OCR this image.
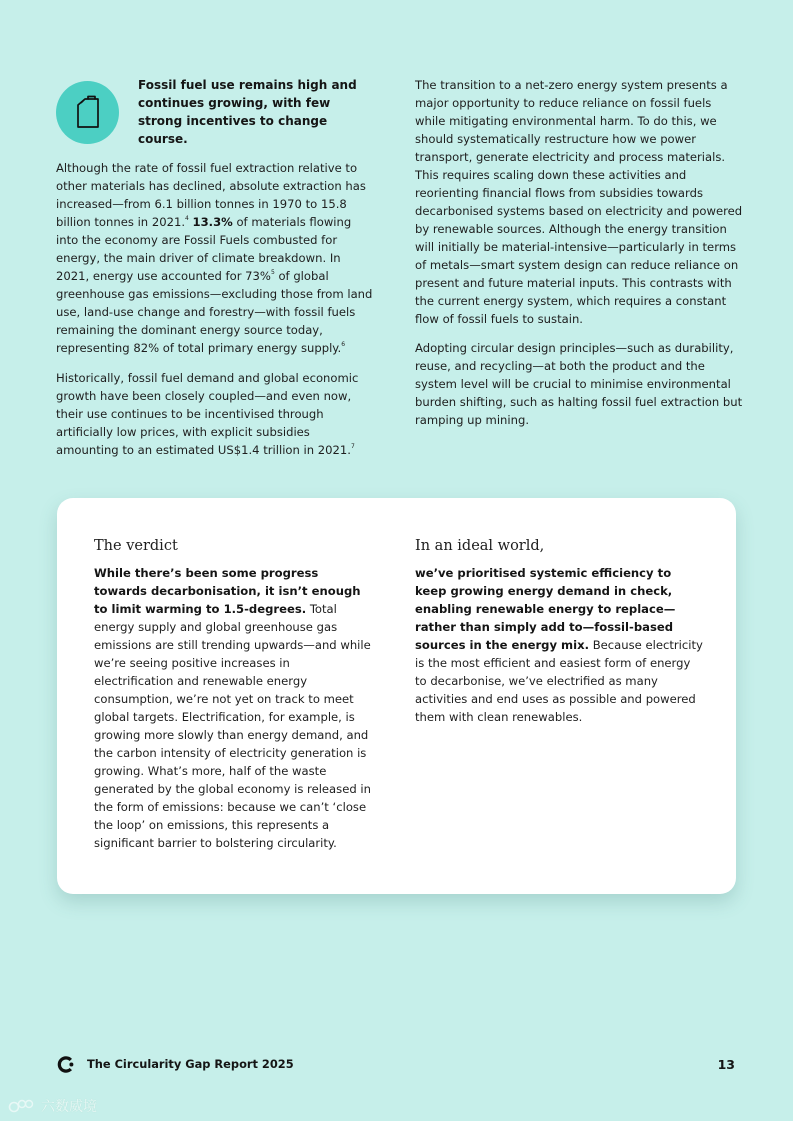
Fossil fuel use remains high and continues growing, with few strong incentives to change course.

Although the rate of fossil fuel extraction relative to other materials has declined, absolute extraction has increased—from 6.1 billion tonnes in 1970 to 15.8 billion tonnes in 2021.$^4$ 13.3% of materials flowing into the economy are Fossil Fuels combusted for energy, the main driver of climate breakdown. In 2021, energy use accounted for 73%$^5$ of global greenhouse gas emissions—excluding those from land use, land-use change and forestry—with fossil fuels remaining the dominant energy source today, representing 82% of total primary energy supply.$^6$

Historically, fossil fuel demand and global economic growth have been closely coupled—and even now, their use continues to be incentivised through artificially low prices, with explicit subsidies amounting to an estimated US$1.4 trillion in 2021.$^7$

The transition to a net-zero energy system presents a major opportunity to reduce reliance on fossil fuels while mitigating environmental harm. To do this, we should systematically restructure how we power transport, generate electricity and process materials. This requires scaling down these activities and reorienting financial flows from subsidies towards decarbonised systems based on electricity and powered by renewable sources. Although the energy transition will initially be material-intensive—particularly in terms of metals—smart system design can reduce reliance on present and future material inputs. This contrasts with the current energy system, which requires a constant flow of fossil fuels to sustain.

Adopting circular design principles—such as durability, reuse, and recycling—at both the product and the system level will be crucial to minimise environmental burden shifting, such as halting fossil fuel extraction but ramping up mining.

The verdict
While there’s been some progress towards decarbonisation, it isn’t enough to limit warming to 1.5-degrees. Total energy supply and global greenhouse gas emissions are still trending upwards—and while we’re seeing positive increases in electrification and renewable energy consumption, we’re not yet on track to meet global targets. Electrification, for example, is growing more slowly than energy demand, and the carbon intensity of electricity generation is growing. What’s more, half of the waste generated by the global economy is released in the form of emissions: because we can’t ‘close the loop’ on emissions, this represents a significant barrier to bolstering circularity.
In an ideal world,
we’ve prioritised systemic efficiency to keep growing energy demand in check, enabling renewable energy to replace—rather than simply add to—fossil-based sources in the energy mix. Because electricity is the most efficient and easiest form of energy to decarbonise, we’ve electrified as many activities and end uses as possible and powered them with clean renewables.
The Circularity Gap Report 2025	13
六数威境
